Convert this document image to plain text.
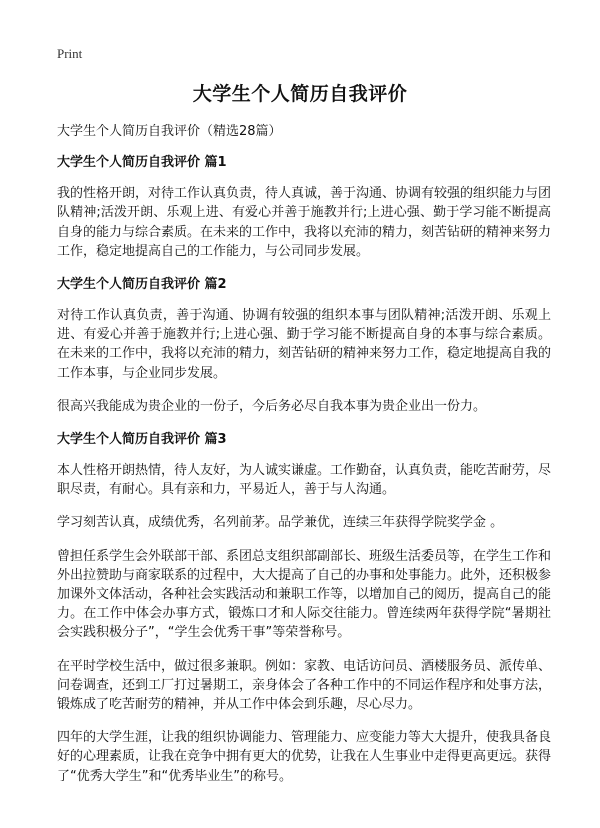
Print
大学生个人简历自我评价

大学生个人简历自我评价（精选28篇）

大学生个人简历自我评价 篇1

我的性格开朗，对待工作认真负责，待人真诚，善于沟通、协调有较强的组织能力与团队精神;活泼开朗、乐观上进、有爱心并善于施教并行;上进心强、勤于学习能不断提高自身的能力与综合素质。在未来的工作中，我将以充沛的精力，刻苦钻研的精神来努力工作，稳定地提高自己的工作能力，与公司同步发展。

大学生个人简历自我评价 篇2

对待工作认真负责，善于沟通、协调有较强的组织本事与团队精神;活泼开朗、乐观上进、有爱心并善于施教并行;上进心强、勤于学习能不断提高自身的本事与综合素质。在未来的工作中，我将以充沛的精力，刻苦钻研的精神来努力工作，稳定地提高自我的工作本事，与企业同步发展。

很高兴我能成为贵企业的一份子，今后务必尽自我本事为贵企业出一份力。

大学生个人简历自我评价 篇3

本人性格开朗热情，待人友好，为人诚实谦虚。工作勤奋，认真负责，能吃苦耐劳，尽职尽责，有耐心。具有亲和力，平易近人，善于与人沟通。

学习刻苦认真，成绩优秀，名列前茅。品学兼优，连续三年获得学院奖学金 。

曾担任系学生会外联部干部、系团总支组织部副部长、班级生活委员等，在学生工作和外出拉赞助与商家联系的过程中，大大提高了自己的办事和处事能力。此外，还积极参加课外文体活动，各种社会实践活动和兼职工作等，以增加自己的阅历，提高自己的能力。在工作中体会办事方式，锻炼口才和人际交往能力。曾连续两年获得学院“暑期社会实践积极分子”，“学生会优秀干事”等荣誉称号。

在平时学校生活中，做过很多兼职。例如：家教、电话访问员、酒楼服务员、派传单、问卷调查，还到工厂打过暑期工，亲身体会了各种工作中的不同运作程序和处事方法，锻炼成了吃苦耐劳的精神，并从工作中体会到乐趣，尽心尽力。

四年的大学生涯，让我的组织协调能力、管理能力、应变能力等大大提升，使我具备良好的心理素质，让我在竞争中拥有更大的优势，让我在人生事业中走得更高更远。获得了“优秀大学生”和“优秀毕业生”的称号。
